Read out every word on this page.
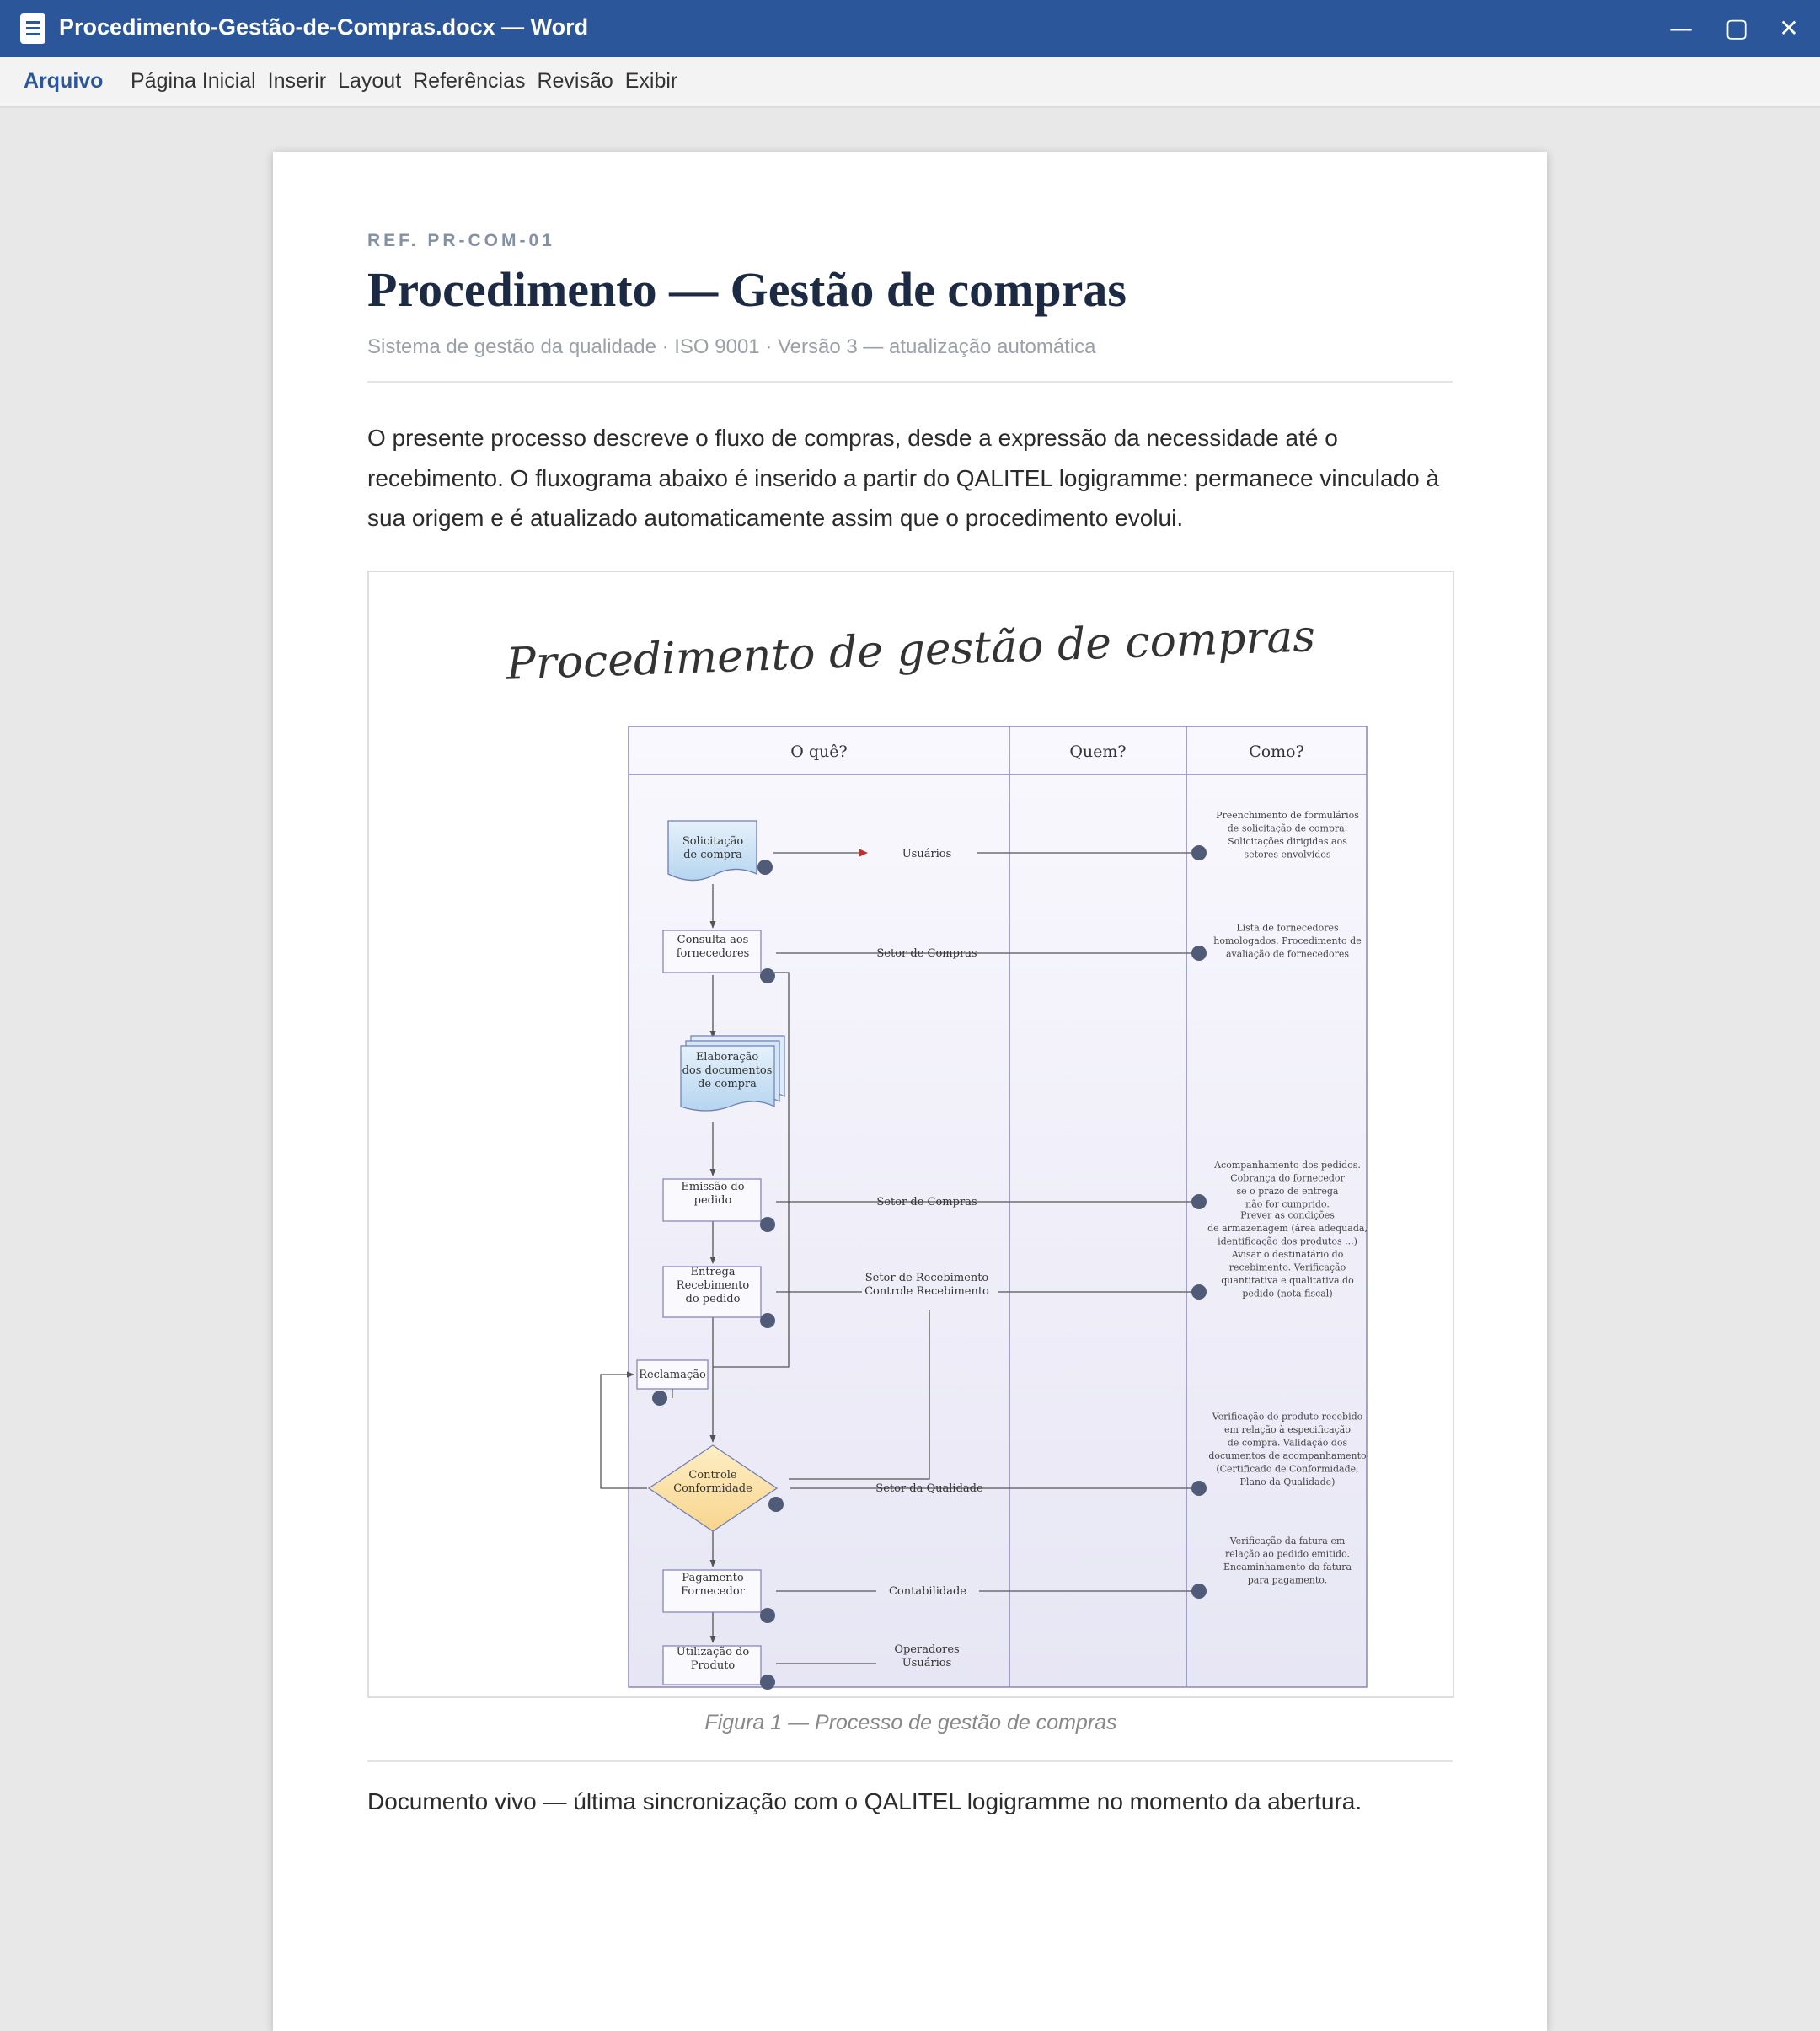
Procedimento-Gestão-de-Compras.docx — Word	—	▢	✕
Arquivo Página Inicial Inserir Layout Referências Revisão Exibir
REF. PR-COM-01
Procedimento — Gestão de compras
Sistema de gestão da qualidade · ISO 9001 · Versão 3 — atualização automática
O presente processo descreve o fluxo de compras, desde a expressão da necessidade até o recebimento. O fluxograma abaixo é inserido a partir do QALITEL logigramme: permanece vinculado à sua origem e é atualizado automaticamente assim que o procedimento evolui.
Procedimento de gestão de compras
O quê?	Quem?	Como?
Solicitação de compra	Usuários
Preenchimento de formulários de solicitação de compra. Solicitações dirigidas aos setores envolvidos
Consulta aos fornecedores	Setor de Compras
Lista de fornecedores homologados. Procedimento de avaliação de fornecedores
Elaboração dos documentos de compra
Emissão do pedido	Setor de Compras
Acompanhamento dos pedidos. Cobrança do fornecedor se o prazo de entrega não for cumprido.
Entrega Recebimento do pedido
Setor de Recebimento Controle Recebimento
Prever as condições de armazenagem (área adequada, identificação dos produtos ...) Avisar o destinatário do recebimento. Verificação quantitativa e qualitativa do pedido (nota fiscal)
Reclamação
Controle Conformidade	Setor da Qualidade
Verificação do produto recebido em relação à especificação de compra. Validação dos documentos de acompanhamento (Certificado de Conformidade, Plano da Qualidade)
Pagamento Fornecedor	Contabilidade
Verificação da fatura em relação ao pedido emitido. Encaminhamento da fatura para pagamento.
Utilização do Produto
Operadores Usuários
Figura 1 — Processo de gestão de compras
Documento vivo — última sincronização com o QALITEL logigramme no momento da abertura.
